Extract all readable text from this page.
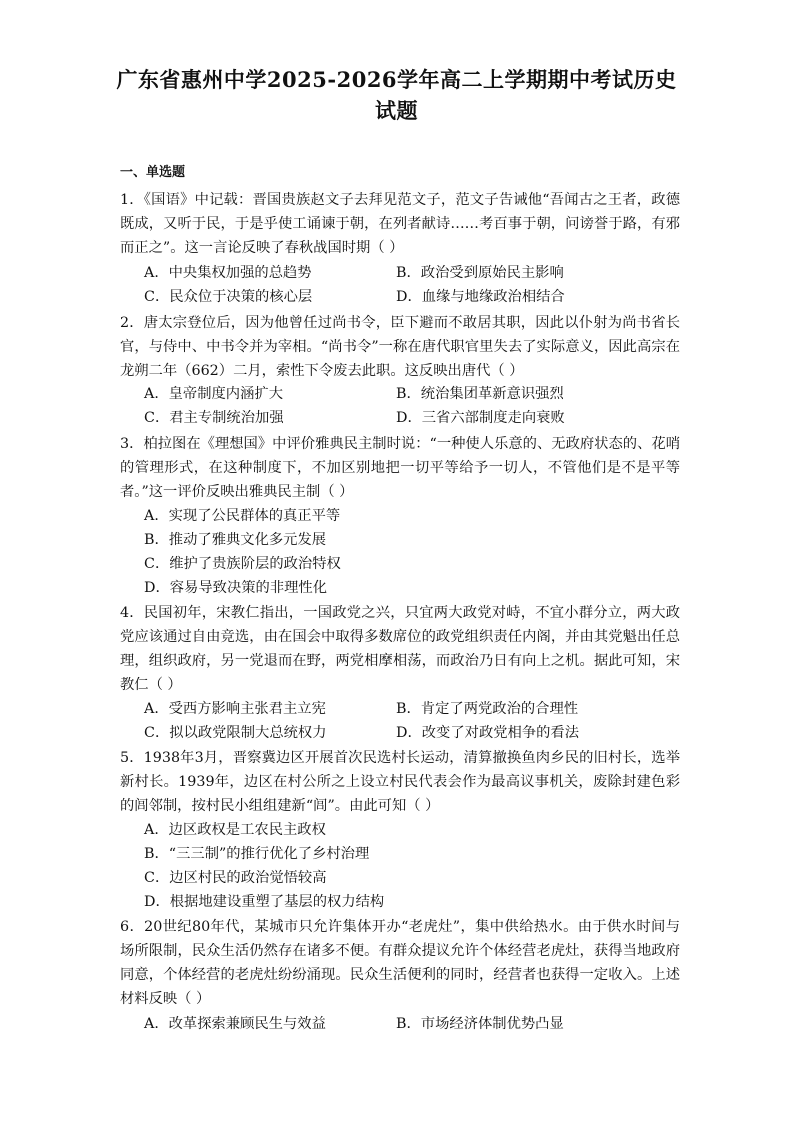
广东省惠州中学2025-2026学年高二上学期期中考试历史
试题
一、单选题
1．《国语》中记载：晋国贵族赵文子去拜见范文子，范文子告诫他“吾闻古之王者，政德既成，又听于民，于是乎使工诵谏于朝，在列者献诗……考百事于朝，问谤誉于路，有邪而正之”。这一言论反映了春秋战国时期（ ）
A．中央集权加强的总趋势	B．政治受到原始民主影响
C．民众位于决策的核心层	D．血缘与地缘政治相结合
2．唐太宗登位后，因为他曾任过尚书令，臣下避而不敢居其职，因此以仆射为尚书省长官，与侍中、中书令并为宰相。“尚书令”一称在唐代职官里失去了实际意义，因此高宗在龙朔二年（662）二月，索性下令废去此职。这反映出唐代（ ）
A．皇帝制度内涵扩大	B．统治集团革新意识强烈
C．君主专制统治加强	D．三省六部制度走向衰败
3．柏拉图在《理想国》中评价雅典民主制时说：“一种使人乐意的、无政府状态的、花哨的管理形式，在这种制度下，不加区别地把一切平等给予一切人，不管他们是不是平等者。”这一评价反映出雅典民主制（ ）
A．实现了公民群体的真正平等
B．推动了雅典文化多元发展
C．维护了贵族阶层的政治特权
D．容易导致决策的非理性化
4．民国初年，宋教仁指出，一国政党之兴，只宜两大政党对峙，不宜小群分立，两大政党应该通过自由竞选，由在国会中取得多数席位的政党组织责任内阁，并由其党魁出任总理，组织政府，另一党退而在野，两党相摩相荡，而政治乃日有向上之机。据此可知，宋教仁（ ）
A．受西方影响主张君主立宪	B．肯定了两党政治的合理性
C．拟以政党限制大总统权力	D．改变了对政党相争的看法
5．1938年3月，晋察冀边区开展首次民选村长运动，清算撤换鱼肉乡民的旧村长，选举新村长。1939年，边区在村公所之上设立村民代表会作为最高议事机关，废除封建色彩的闾邻制，按村民小组组建新“闾”。由此可知（ ）
A．边区政权是工农民主政权
B．“三三制”的推行优化了乡村治理
C．边区村民的政治觉悟较高
D．根据地建设重塑了基层的权力结构
6．20世纪80年代，某城市只允许集体开办“老虎灶”，集中供给热水。由于供水时间与场所限制，民众生活仍然存在诸多不便。有群众提议允许个体经营老虎灶，获得当地政府同意，个体经营的老虎灶纷纷涌现。民众生活便利的同时，经营者也获得一定收入。上述材料反映（ ）
A．改革探索兼顾民生与效益	B．市场经济体制优势凸显
